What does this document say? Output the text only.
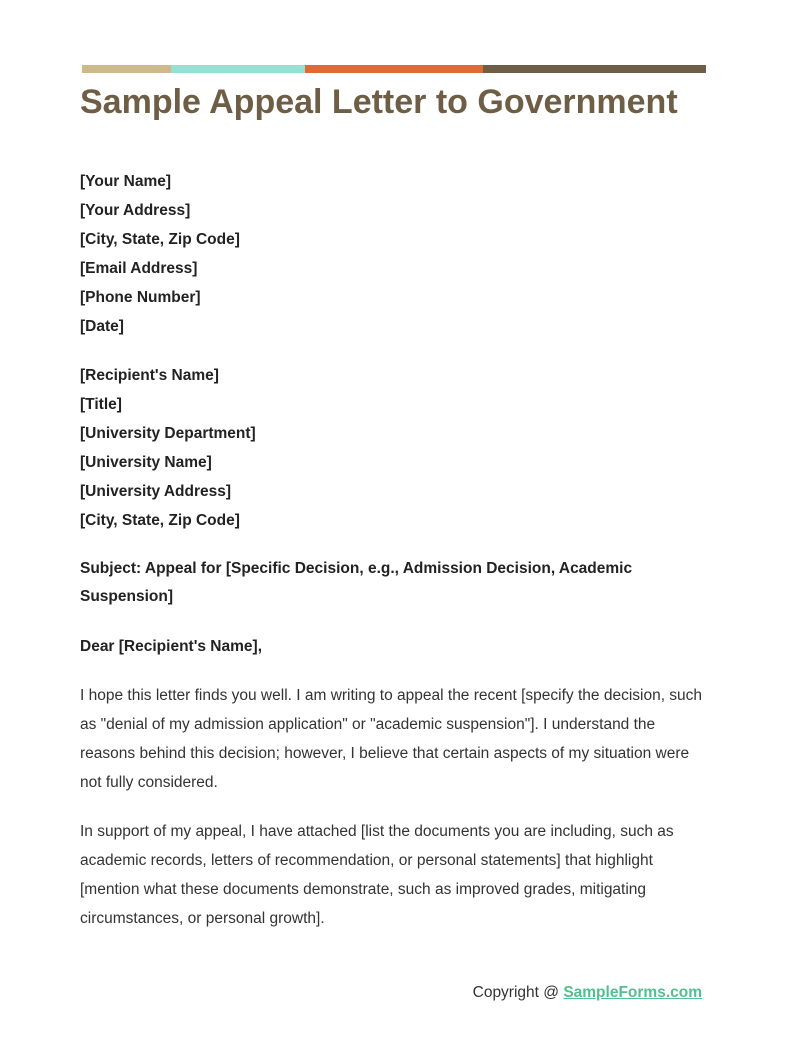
Sample Appeal Letter to Government
[Your Name]
[Your Address]
[City, State, Zip Code]
[Email Address]
[Phone Number]
[Date]
[Recipient's Name]
[Title]
[University Department]
[University Name]
[University Address]
[City, State, Zip Code]

Subject: Appeal for [Specific Decision, e.g., Admission Decision, Academic Suspension]

Dear [Recipient's Name],

I hope this letter finds you well. I am writing to appeal the recent [specify the decision, such as "denial of my admission application" or "academic suspension"]. I understand the reasons behind this decision; however, I believe that certain aspects of my situation were not fully considered.

In support of my appeal, I have attached [list the documents you are including, such as academic records, letters of recommendation, or personal statements] that highlight [mention what these documents demonstrate, such as improved grades, mitigating circumstances, or personal growth].

Copyright @ SampleForms.com
